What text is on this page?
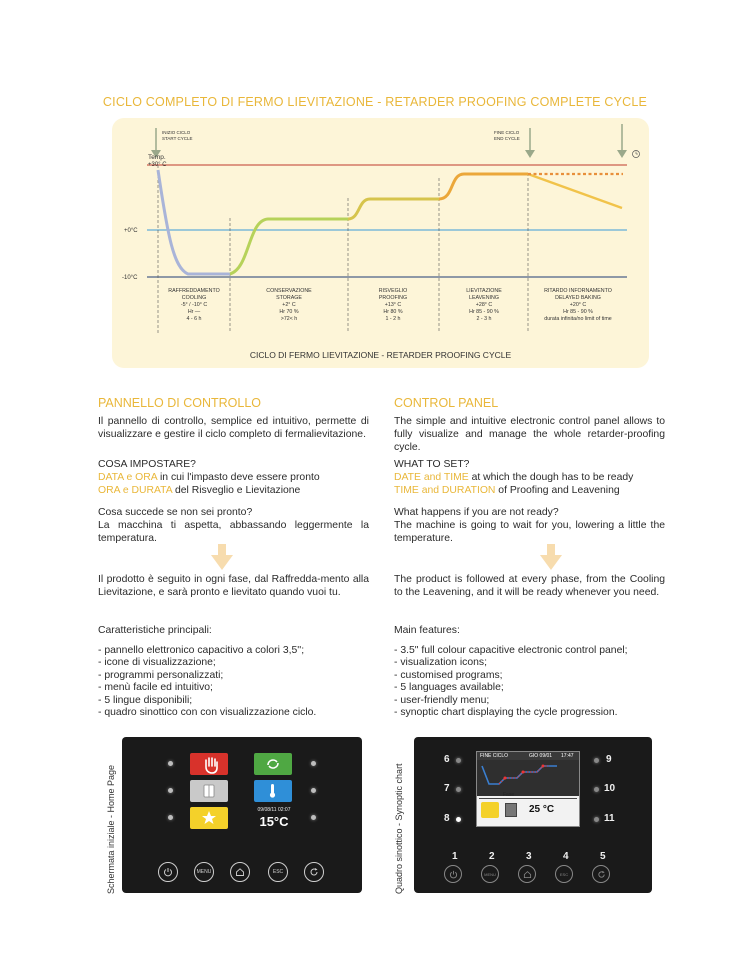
CICLO COMPLETO DI FERMO LIEVITAZIONE - RETARDER PROOFING COMPLETE CYCLE
Temp.
+30° C
+0°C
-10°C
INIZIO CICLO
START CYCLE
FINE CICLO
END CYCLE
RAFFREDDAMENTO
COOLING
-5° / -10° C
Hr —
4 - 6 h
CONSERVAZIONE
STORAGE
+2° C
Hr 70 %
>72< h
RISVEGLIO
PROOFING
+13° C
Hr 80 %
1 - 2 h
LIEVITAZIONE
LEAVENING
+28° C
Hr 85 - 90 %
2 - 3 h
RITARDO INFORNAMENTO
DELAYED BAKING
+20° C
Hr 85 - 90 %
durata infinita/no limit of time
CICLO DI FERMO LIEVITAZIONE - RETARDER PROOFING CYCLE
PANNELLO DI CONTROLLO

Il pannello di controllo, semplice ed intuitivo, permette di visualizzare e gestire il ciclo completo di fermalievitazione.

COSA IMPOSTARE?

DATA e ORA in cui l'impasto deve essere pronto

ORA e DURATA del Risveglio e Lievitazione

Cosa succede se non sei pronto?

La macchina ti aspetta, abbassando leggermente la temperatura.

Il prodotto è seguito in ogni fase, dal Raffredda-mento alla Lievitazione, e sarà pronto e lievitato quando vuoi tu.

Caratteristiche principali:

- pannello elettronico capacitivo a colori 3,5'';
- icone di visualizzazione;
- programmi personalizzati;
- menù facile ed intuitivo;
- 5 lingue disponibili;
- quadro sinottico con con visualizzazione ciclo.
CONTROL PANEL

The simple and intuitive electronic control panel allows to fully visualize and manage the whole retarder-proofing cycle.

WHAT TO SET?

DATE and TIME at which the dough has to be ready

TIME and DURATION of Proofing and Leavening

What happens if you are not ready?

The machine is going to wait for you, lowering a little the temperature.

The product is followed at every phase, from the Cooling to the Leavening, and it will be ready whenever you need.

Main features:

- 3.5" full colour capacitive electronic control panel;
- visualization icons;
- customised programs;
- 5 languages available;
- user-friendly menu;
- synoptic chart displaying the cycle progression.
Schermata iniziale - Home Page	09/08/11 02:07
15°C
MENU	ESC	Quadro sinottico - Synoptic chart
6
7
8
9
10
11
FINE CICLO	GIO 09/01 17:47
Fase
25 °C
1	2	3	4	5
MENU	ESC
